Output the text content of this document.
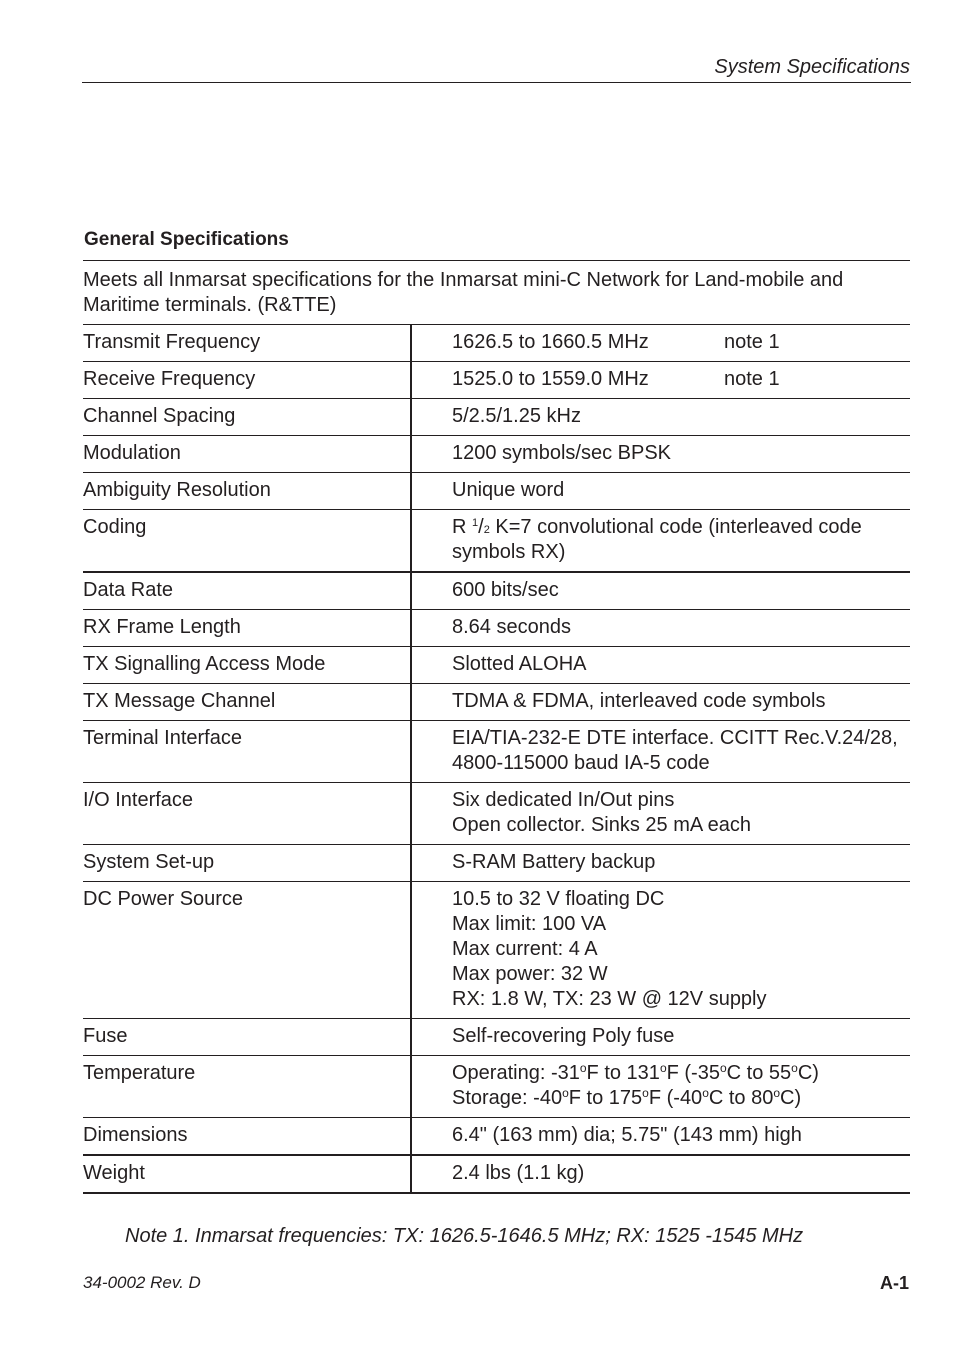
System Specifications
General Specifications
Meets all Inmarsat specifications for the Inmarsat mini-C Network for Land-mobile and Maritime terminals. (R&TTE)
Transmit Frequency	1626.5 to 1660.5 MHz note 1

Receive Frequency	1525.0 to 1559.0 MHz note 1

Channel Spacing	5/2.5/1.25 kHz
Modulation	1200 symbols/sec BPSK
Ambiguity Resolution	Unique word
Coding	R $^1$/2 K=7 convolutional code (interleaved code
symbols RX)

Data Rate	600 bits/sec
RX Frame Length	8.64 seconds
TX Signalling Access Mode	Slotted ALOHA
TX Message Channel	TDMA & FDMA, interleaved code symbols
Terminal Interface	EIA/TIA-232-E DTE interface. CCITT Rec.V.24/28,
4800-115000 baud IA-5 code

I/O Interface	Six dedicated In/Out pins
Open collector. Sinks 25 mA each

System Set-up	S-RAM Battery backup
DC Power Source	10.5 to 32 V floating DC
Max limit: 100 VA
Max current: 4 A
Max power: 32 W
RX: 1.8 W, TX: 23 W @ 12V supply

Fuse	Self-recovering Poly fuse
Temperature	Operating: -31$^o$F to 131$^o$F (-35$^o$C to 55$^o$C)
Storage: -40$^o$F to 175$^o$F (-40$^o$C to 80$^o$C)

Dimensions	6.4" (163 mm) dia; 5.75" (143 mm) high
Weight	2.4 lbs (1.1 kg)
Note 1. Inmarsat frequencies: TX: 1626.5-1646.5 MHz; RX: 1525 -1545 MHz
34-0002 Rev. D	A-1
